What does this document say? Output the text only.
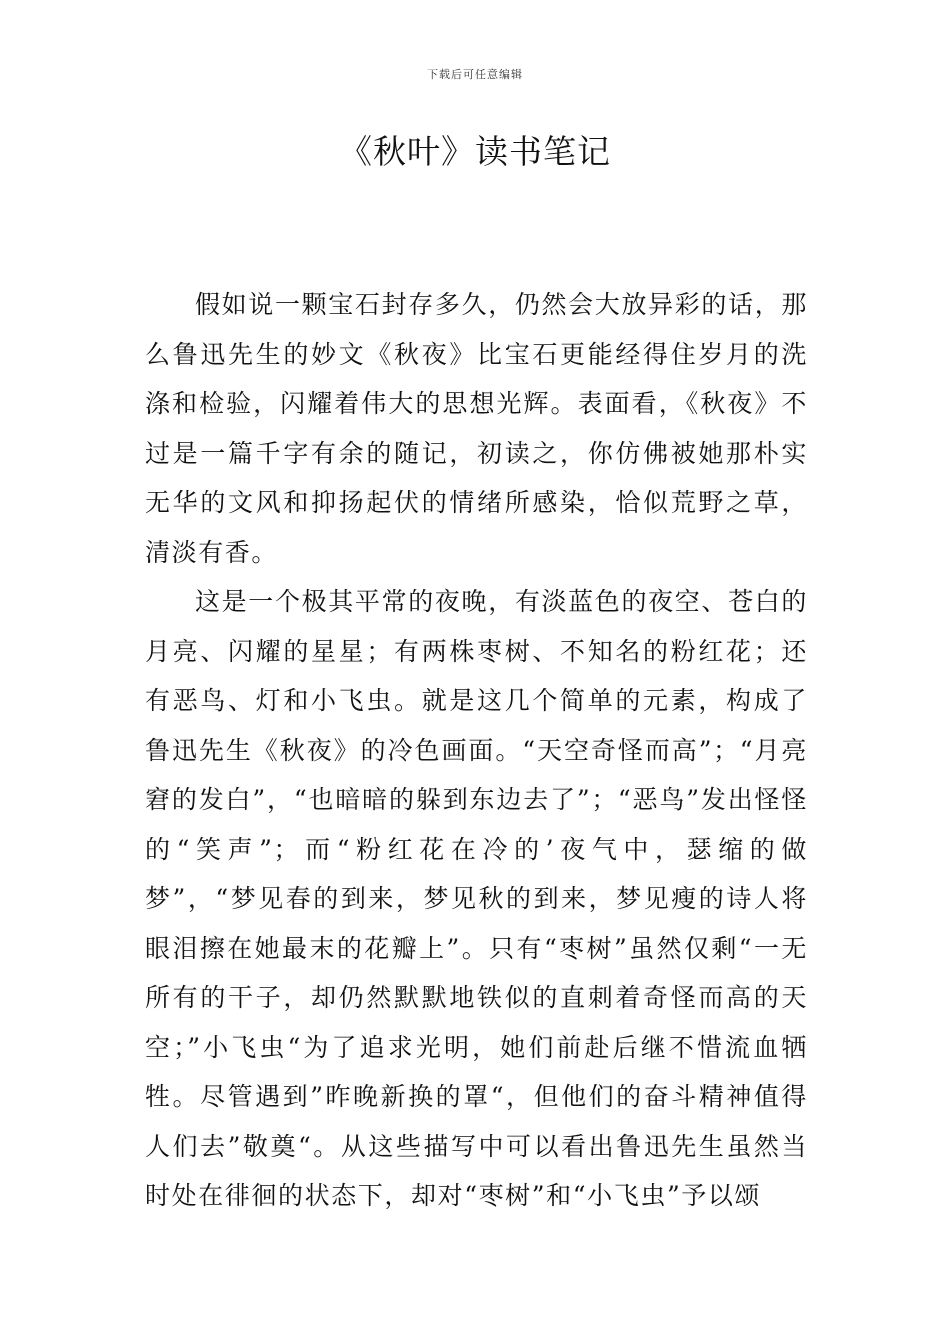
下载后可任意编辑
《秋叶》读书笔记

假如说一颗宝石封存多久，仍然会大放异彩的话，那么鲁迅先生的妙文《秋夜》比宝石更能经得住岁月的洗涤和检验，闪耀着伟大的思想光辉。表面看，《秋夜》不过是一篇千字有余的随记，初读之，你仿佛被她那朴实无华的文风和抑扬起伏的情绪所感染，恰似荒野之草，清淡有香。

这是一个极其平常的夜晚，有淡蓝色的夜空、苍白的月亮、闪耀的星星；有两株枣树、不知名的粉红花；还有恶鸟、灯和小飞虫。就是这几个简单的元素，构成了鲁迅先生《秋夜》的冷色画面。“天空奇怪而高”；“月亮窘的发白”，“也暗暗的躲到东边去了”；“恶鸟”发出怪怪的“笑声”；而“粉红花在冷的’夜气中，瑟缩的做梦”，“梦见春的到来，梦见秋的到来，梦见瘦的诗人将眼泪擦在她最末的花瓣上”。只有“枣树”虽然仅剩“一无所有的干子，却仍然默默地铁似的直刺着奇怪而高的天空；”小飞虫“为了追求光明，她们前赴后继不惜流血牺牲。尽管遇到”昨晚新换的罩“，但他们的奋斗精神值得人们去”敬奠“。从这些描写中可以看出鲁迅先生虽然当时处在徘徊的状态下，却对“枣树”和“小飞虫”予以颂
